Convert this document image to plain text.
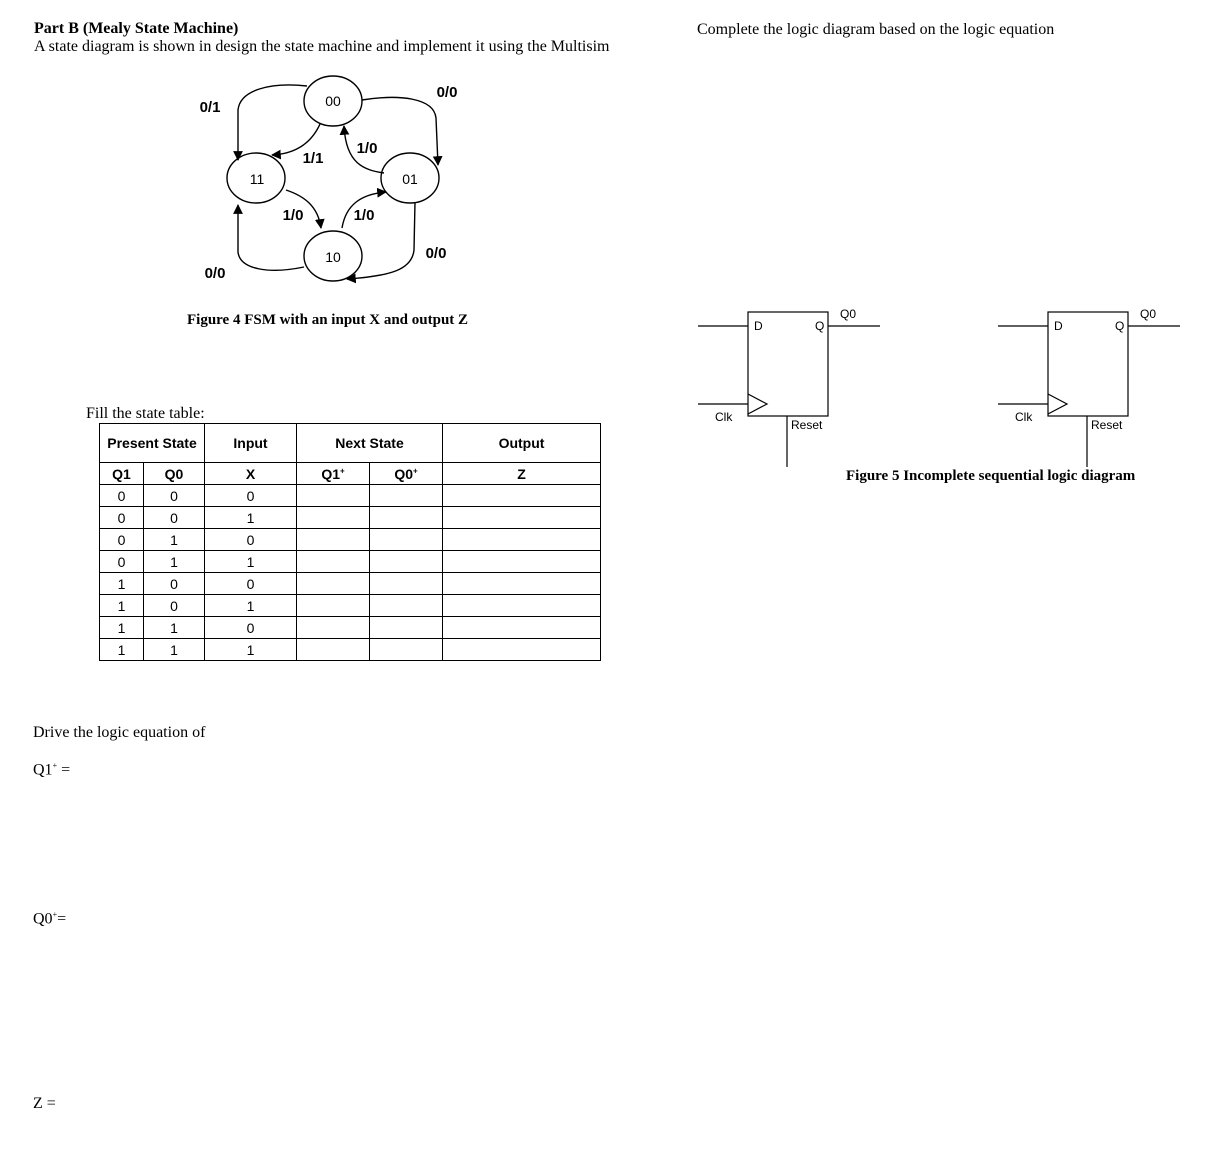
Part B (Mealy State Machine)
A state diagram is shown in design the state machine and implement it using the Multisim
Complete the logic diagram based on the logic equation
00
01
10
11
0/1
0/0
1/1
1/0
1/0	1/0
0/0
0/0
Figure 4 FSM with an input X and output Z
Fill the state table:
Present State		Input	Next State		Output
Q1	Q0	X	Q1+	Q0+	Z
0	0	0			
0	0	1			
0	1	0			
0	1	1			
1	0	0			
1	0	1			
1	1	0			
1	1	1			
Drive the logic equation of
Q1+ =
Q0+=
Z =
D	Q
Q0
Clk
Reset
D	Q
Q0
Clk
Reset
Figure 5 Incomplete sequential logic diagram
